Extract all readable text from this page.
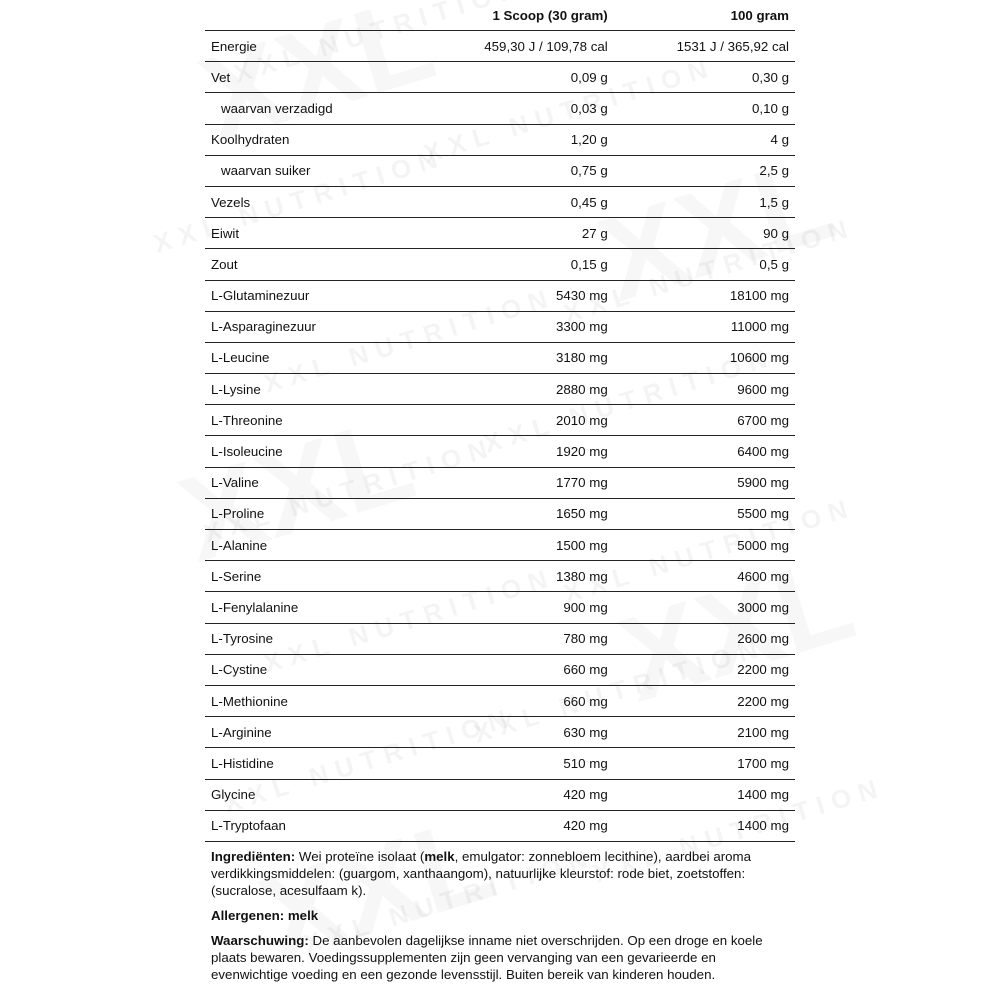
	1 Scoop (30 gram)	100 gram
Energie	459,30 J / 109,78 cal	1531 J / 365,92 cal
Vet	0,09 g	0,30 g
waarvan verzadigd	0,03 g	0,10 g
Koolhydraten	1,20 g	4 g
waarvan suiker	0,75 g	2,5 g
Vezels	0,45 g	1,5 g
Eiwit	27 g	90 g
Zout	0,15 g	0,5 g
L-Glutaminezuur	5430 mg	18100 mg
L-Asparaginezuur	3300 mg	11000 mg
L-Leucine	3180 mg	10600 mg
L-Lysine	2880 mg	9600 mg
L-Threonine	2010 mg	6700 mg
L-Isoleucine	1920 mg	6400 mg
L-Valine	1770 mg	5900 mg
L-Proline	1650 mg	5500 mg
L-Alanine	1500 mg	5000 mg
L-Serine	1380 mg	4600 mg
L-Fenylalanine	900 mg	3000 mg
L-Tyrosine	780 mg	2600 mg
L-Cystine	660 mg	2200 mg
L-Methionine	660 mg	2200 mg
L-Arginine	630 mg	2100 mg
L-Histidine	510 mg	1700 mg
Glycine	420 mg	1400 mg
L-Tryptofaan	420 mg	1400 mg

Ingrediënten: Wei proteïne isolaat (melk, emulgator: zonnebloem lecithine), aardbei aroma verdikkingsmiddelen: (guargom, xanthaangom), natuurlijke kleurstof: rode biet, zoetstoffen: (sucralose, acesulfaam k).

Allergenen: melk

Waarschuwing: De aanbevolen dagelijkse inname niet overschrijden. Op een droge en koele plaats bewaren. Voedingssupplementen zijn geen vervanging van een gevarieerde en evenwichtige voeding en een gezonde levensstijl. Buiten bereik van kinderen houden.
